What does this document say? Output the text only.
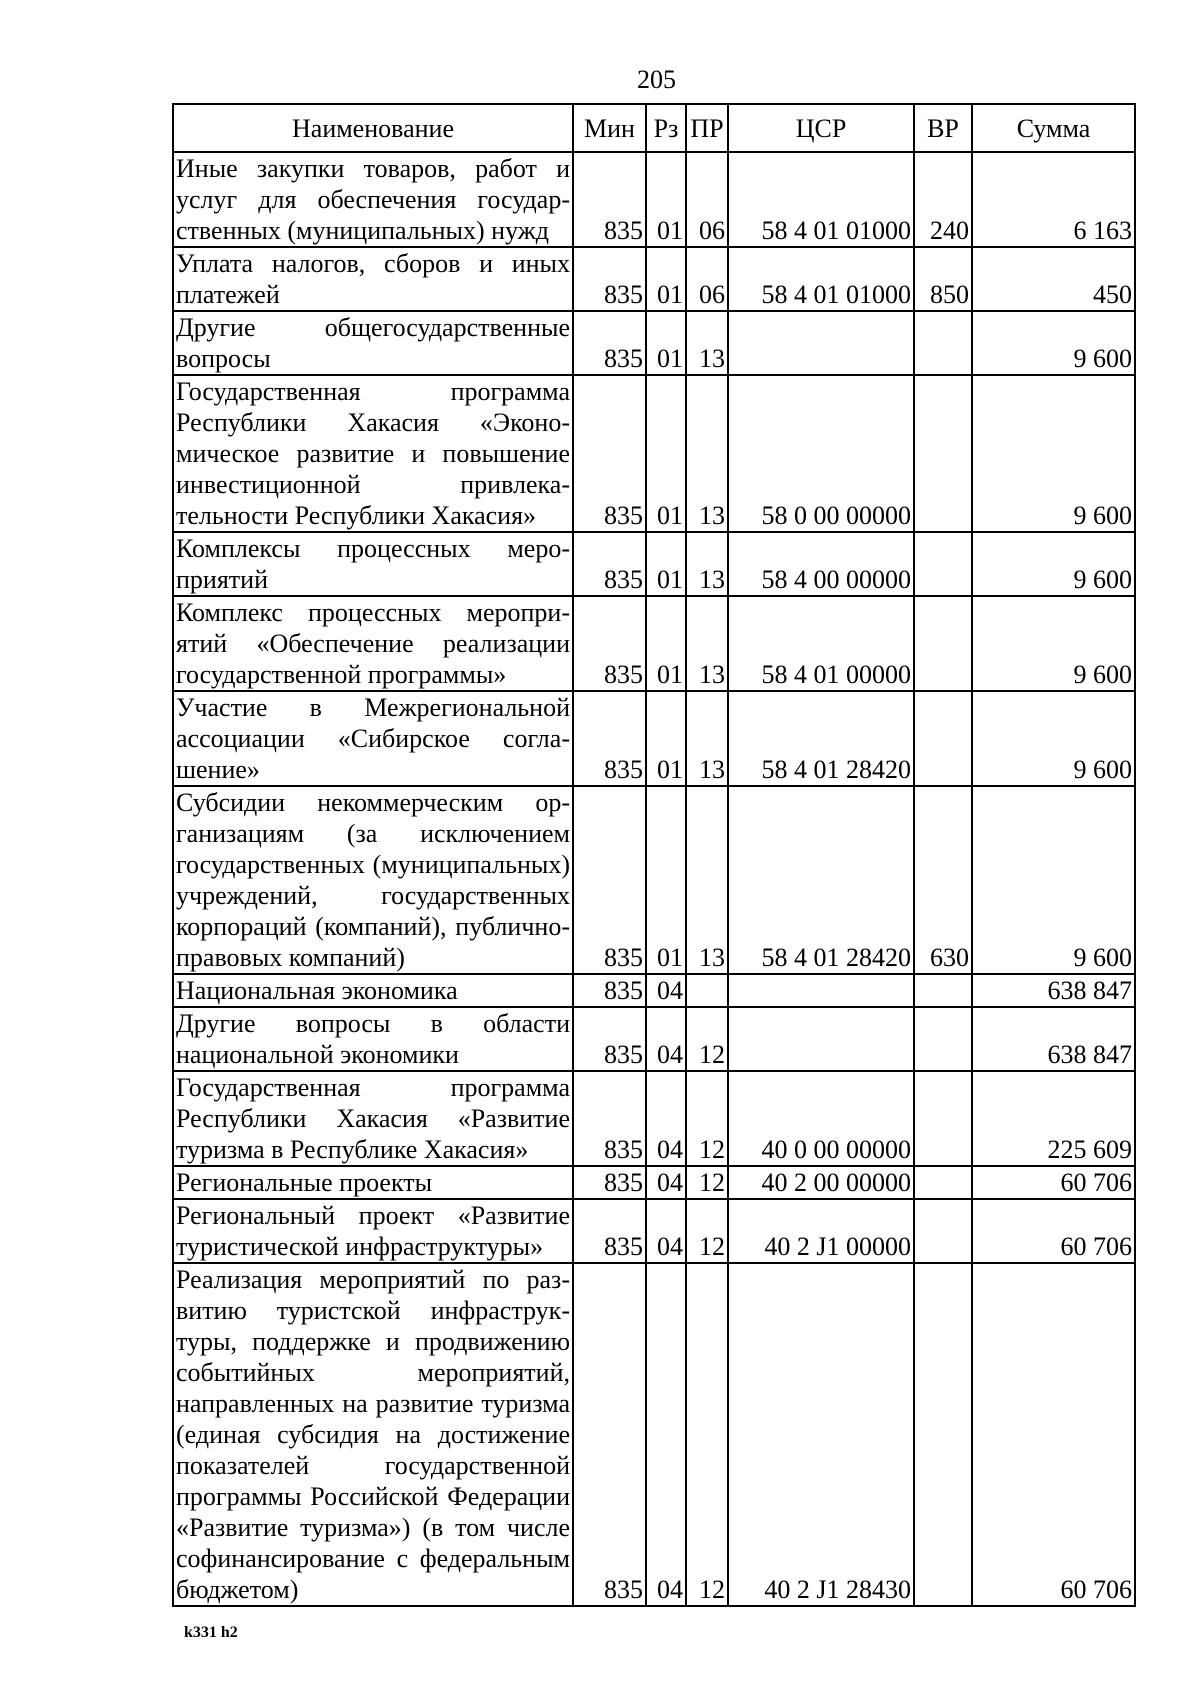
205
Наименование	Мин	Рз	ПР	ЦСР	ВР	Сумма
Иные закупки товаров, работ и услуг для обеспечения государственных (муниципальных) нужд	835	01	06	58 4 01 01000	240	6 163
Уплата налогов, сборов и иных платежей	835	01	06	58 4 01 01000	850	450
Другие общегосударственные вопросы	835	01	13			9 600
Государственная программа Республики Хакасия «Экономическое развитие и повышение инвестиционной привлекательности Республики Хакасия»	835	01	13	58 0 00 00000		9 600
Комплексы процессных мероприятий	835	01	13	58 4 00 00000		9 600
Комплекс процессных мероприятий «Обеспечение реализации государственной программы»	835	01	13	58 4 01 00000		9 600
Участие в Межрегиональной ассоциации «Сибирское соглашение»	835	01	13	58 4 01 28420		9 600
Субсидии некоммерческим организациям (за исключением государственных (муниципальных) учреждений, государственных корпораций (компаний), публично-правовых компаний)	835	01	13	58 4 01 28420	630	9 600
Национальная экономика	835	04				638 847
Другие вопросы в области национальной экономики	835	04	12			638 847
Государственная программа Республики Хакасия «Развитие туризма в Республике Хакасия»	835	04	12	40 0 00 00000		225 609
Региональные проекты	835	04	12	40 2 00 00000		60 706
Региональный проект «Развитие туристической инфраструктуры»	835	04	12	40 2 J1 00000		60 706
Реализация мероприятий по развитию туристской инфраструктуры, поддержке и продвижению событийных мероприятий, направленных на развитие туризма (единая субсидия на достижение показателей государственной программы Российской Федерации «Развитие туризма») (в том числе софинансирование с федеральным бюджетом)	835	04	12	40 2 J1 28430		60 706
k331 h2
